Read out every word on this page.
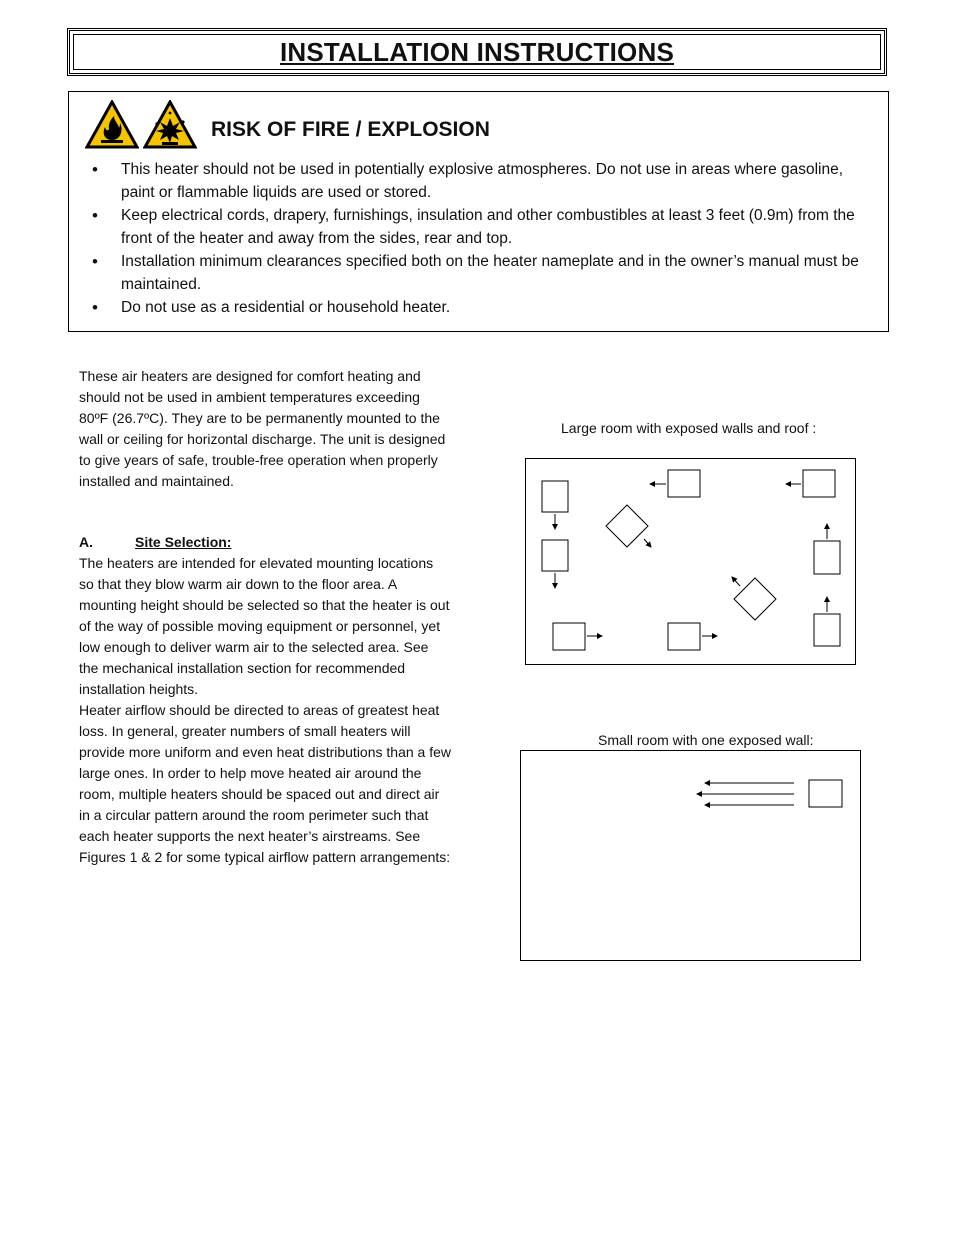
INSTALLATION INSTRUCTIONS
RISK OF FIRE / EXPLOSION
• This heater should not be used in potentially explosive atmospheres. Do not use in areas where gasoline, paint or flammable liquids are used or stored.
• Keep electrical cords, drapery, furnishings, insulation and other combustibles at least 3 feet (0.9m) from the front of the heater and away from the sides, rear and top.
• Installation minimum clearances specified both on the heater nameplate and in the owner’s manual must be maintained.
• Do not use as a residential or household heater.
These air heaters are designed for comfort heating and should not be used in ambient temperatures exceeding 80ºF (26.7ºC). They are to be permanently mounted to the wall or ceiling for horizontal discharge. The unit is designed to give years of safe, trouble-free operation when properly installed and maintained.
A.	Site Selection:
The heaters are intended for elevated mounting locations so that they blow warm air down to the floor area. A mounting height should be selected so that the heater is out of the way of possible moving equipment or personnel, yet low enough to deliver warm air to the selected area. See the mechanical installation section for recommended installation heights.
Heater airflow should be directed to areas of greatest heat loss. In general, greater numbers of small heaters will provide more uniform and even heat distributions than a few large ones. In order to help move heated air around the room, multiple heaters should be spaced out and direct air in a circular pattern around the room perimeter such that each heater supports the next heater’s airstreams. See Figures 1 & 2 for some typical airflow pattern arrangements:
Large room with exposed walls and roof :
Small room with one exposed wall:
